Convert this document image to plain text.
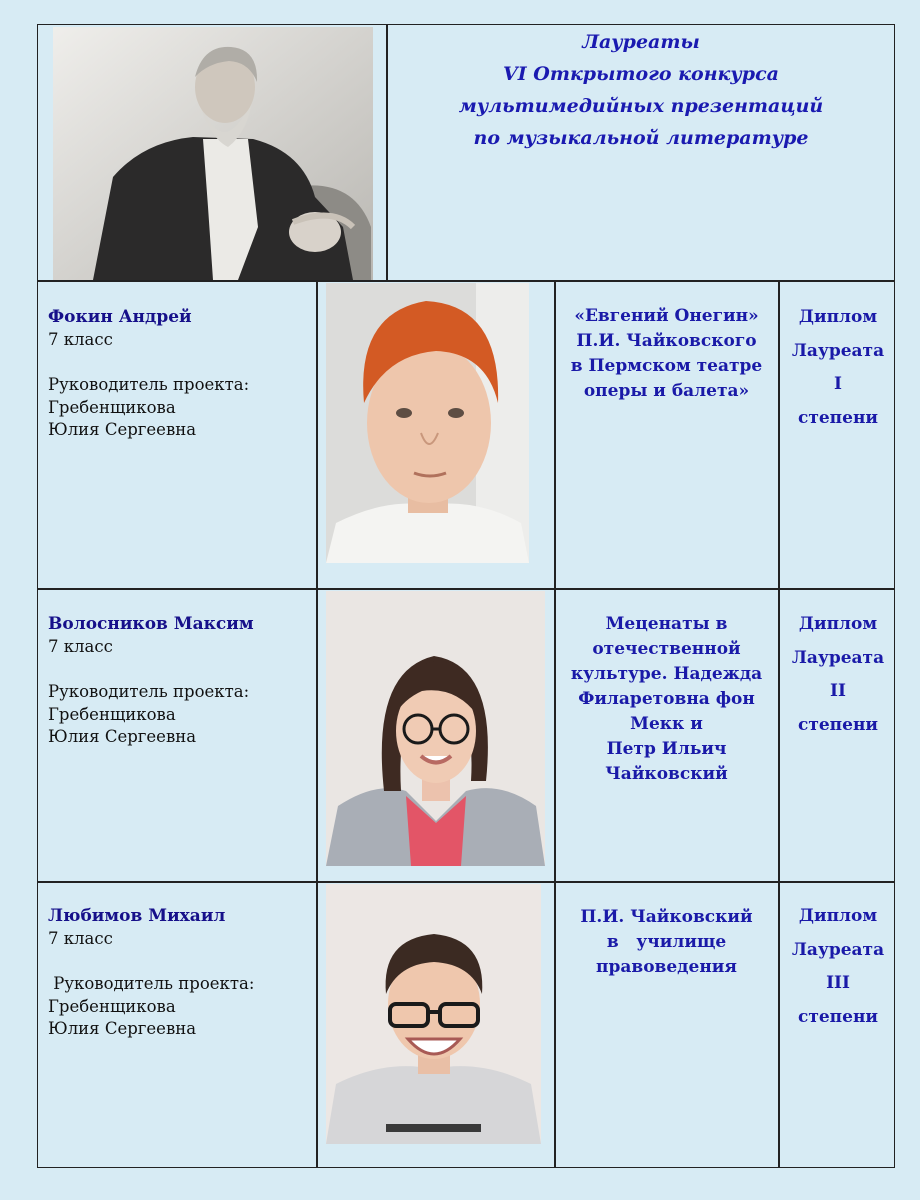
Лауреаты
VI Открытого конкурса
мультимедийных презентаций
по музыкальной литературе
Фокин Андрей
7 класс
Руководитель проекта:
Гребенщикова
Юлия Сергеевна
«Евгений Онегин»
П.И. Чайковского
в Пермском театре
оперы и балета»
Диплом
Лауреата
I
степени
Волосников Максим
7 класс
Руководитель проекта:
Гребенщикова
Юлия Сергеевна
Меценаты в
отечественной
культуре. Надежда
Филаретовна фон
Мекк и
Петр Ильич
Чайковский
Диплом
Лауреата
II
степени
Любимов Михаил
7 класс
Руководитель проекта:
Гребенщикова
Юлия Сергеевна
П.И. Чайковский
в   училище
правоведения
Диплом
Лауреата
III
степени
